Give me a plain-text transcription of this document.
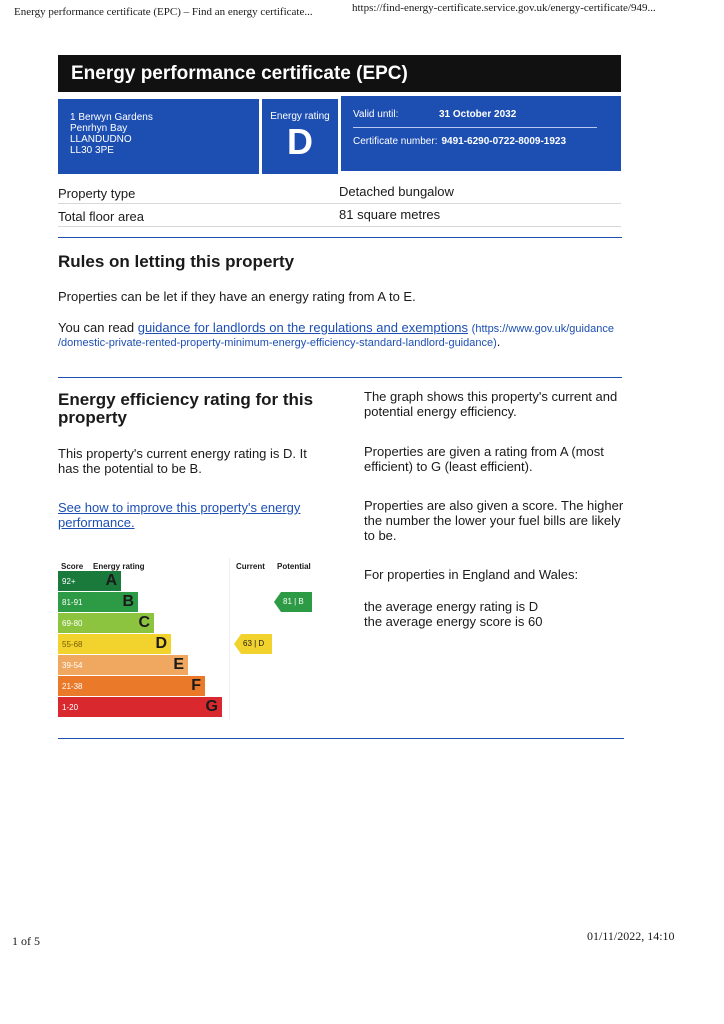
Energy performance certificate (EPC) – Find an energy certificate...	https://find-energy-certificate.service.gov.uk/energy-certificate/949...
Energy performance certificate (EPC)
1 Berwyn Gardens
Penrhyn Bay
LLANDUDNO
LL30 3PE
Energy rating
D
Valid until:	31 October 2032
Certificate number: 9491-6290-0722-8009-1923
Property type	Detached bungalow
Total floor area	81 square metres
Rules on letting this property
Properties can be let if they have an energy rating from A to E.
You can read guidance for landlords on the regulations and exemptions (https://www.gov.uk/guidance
/domestic-private-rented-property-minimum-energy-efficiency-standard-landlord-guidance).
Energy efficiency rating for this
property
This property's current energy rating is D. It
has the potential to be B.
See how to improve this property's energy
performance.
The graph shows this property's current and
potential energy efficiency.
Properties are given a rating from A (most
efficient) to G (least efficient).
Properties are also given a score. The higher
the number the lower your fuel bills are likely
to be.
For properties in England and Wales:
the average energy rating is D
the average energy score is 60
Score Energy rating	Current Potential
92+ A
81-91 B
69-80	C
55-68	D
39-54	E
21-38	F
1-20	G
63 | D
81 | B
1 of 5	01/11/2022, 14:10
